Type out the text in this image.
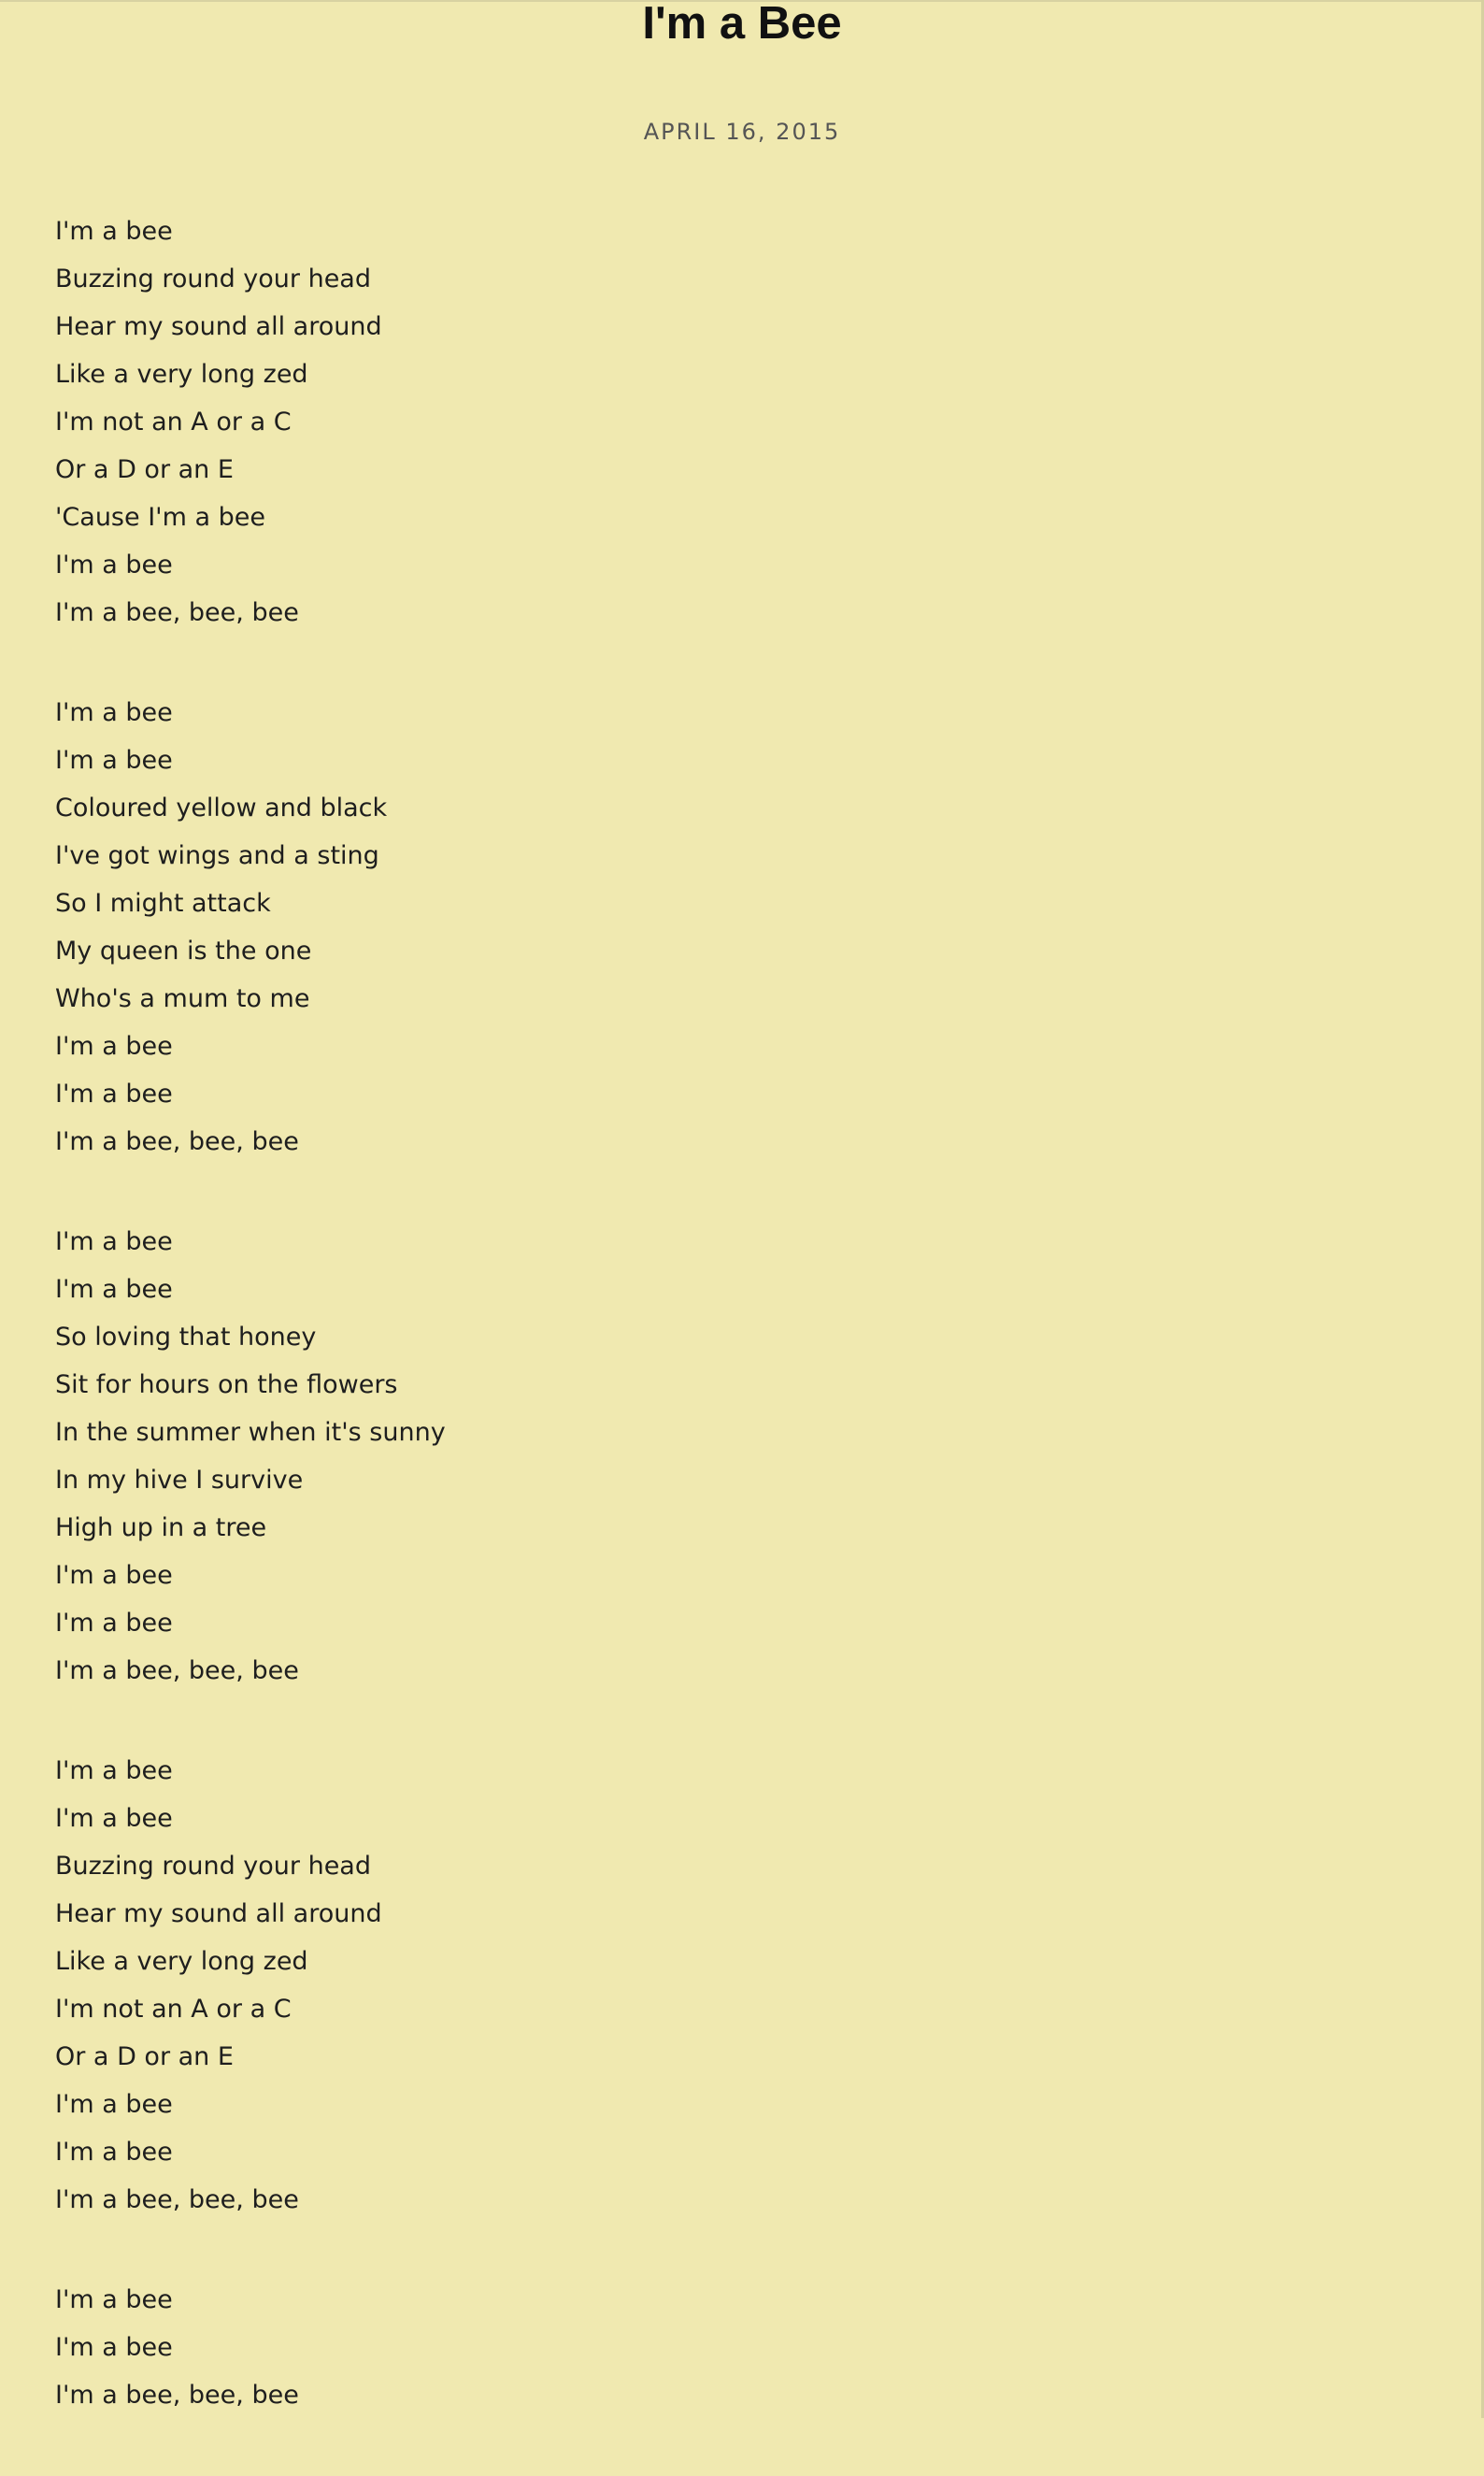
I'm a Bee
APRIL 16, 2015
I'm a bee
Buzzing round your head
Hear my sound all around
Like a very long zed
I'm not an A or a C
Or a D or an E
'Cause I'm a bee
I'm a bee
I'm a bee, bee, bee
I'm a bee
I'm a bee
Coloured yellow and black
I've got wings and a sting
So I might attack
My queen is the one
Who's a mum to me
I'm a bee
I'm a bee
I'm a bee, bee, bee
I'm a bee
I'm a bee
So loving that honey
Sit for hours on the flowers
In the summer when it's sunny
In my hive I survive
High up in a tree
I'm a bee
I'm a bee
I'm a bee, bee, bee
I'm a bee
I'm a bee
Buzzing round your head
Hear my sound all around
Like a very long zed
I'm not an A or a C
Or a D or an E
I'm a bee
I'm a bee
I'm a bee, bee, bee
I'm a bee
I'm a bee
I'm a bee, bee, bee
